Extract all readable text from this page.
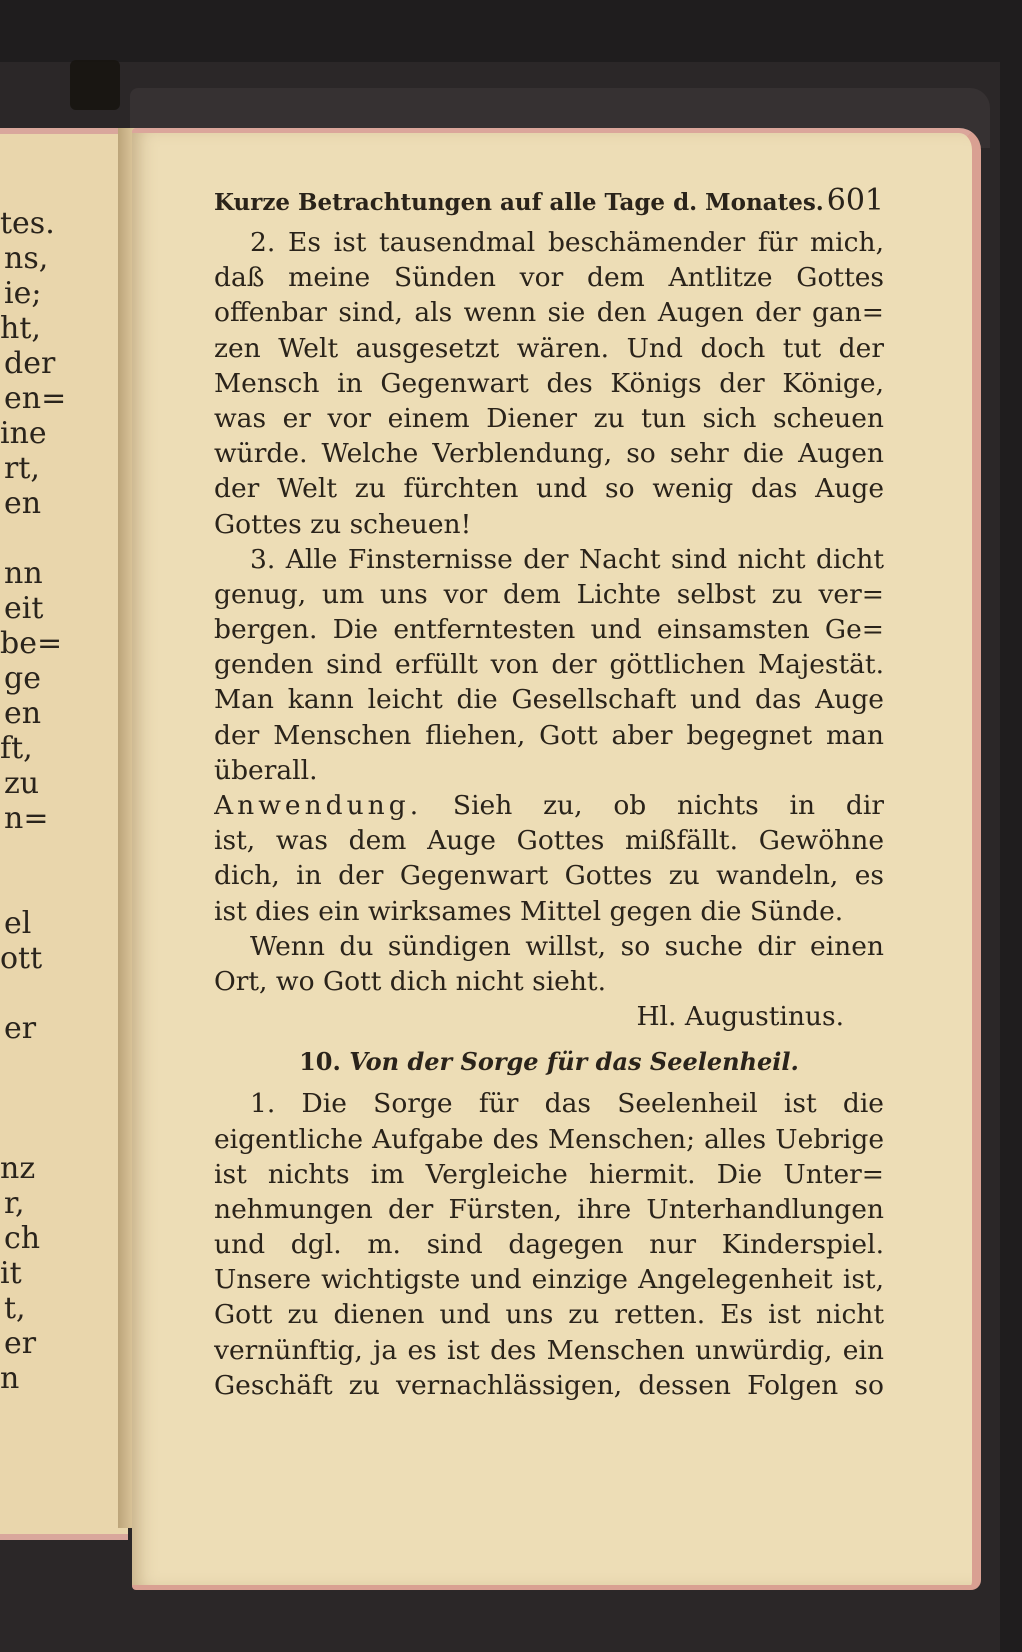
tes.
ns,
ie;
ht,
der
en=
ine
rt,
en
nn
eit
be=
ge
en
ft,
zu
n=
el
ott
er
nz
r,
ch
it
t,
er
n
Kurze Betrachtungen auf alle Tage d. Monates. 601
2. Es ist tausendmal beschämender für mich,
daß meine Sünden vor dem Antlitze Gottes
offenbar sind, als wenn sie den Augen der gan=
zen Welt ausgesetzt wären. Und doch tut der
Mensch in Gegenwart des Königs der Könige,
was er vor einem Diener zu tun sich scheuen
würde. Welche Verblendung, so sehr die Augen
der Welt zu fürchten und so wenig das Auge
Gottes zu scheuen!
3. Alle Finsternisse der Nacht sind nicht dicht
genug, um uns vor dem Lichte selbst zu ver=
bergen. Die entferntesten und einsamsten Ge=
genden sind erfüllt von der göttlichen Majestät.
Man kann leicht die Gesellschaft und das Auge
der Menschen fliehen, Gott aber begegnet man
überall.
Anwendung. Sieh zu, ob nichts in dir
ist, was dem Auge Gottes mißfällt. Gewöhne
dich, in der Gegenwart Gottes zu wandeln, es
ist dies ein wirksames Mittel gegen die Sünde.
Wenn du sündigen willst, so suche dir einen
Ort, wo Gott dich nicht sieht.
Hl. Augustinus.
10. Von der Sorge für das Seelenheil.
1. Die Sorge für das Seelenheil ist die
eigentliche Aufgabe des Menschen; alles Uebrige
ist nichts im Vergleiche hiermit. Die Unter=
nehmungen der Fürsten, ihre Unterhandlungen
und dgl. m. sind dagegen nur Kinderspiel.
Unsere wichtigste und einzige Angelegenheit ist,
Gott zu dienen und uns zu retten. Es ist nicht
vernünftig, ja es ist des Menschen unwürdig, ein
Geschäft zu vernachlässigen, dessen Folgen so
